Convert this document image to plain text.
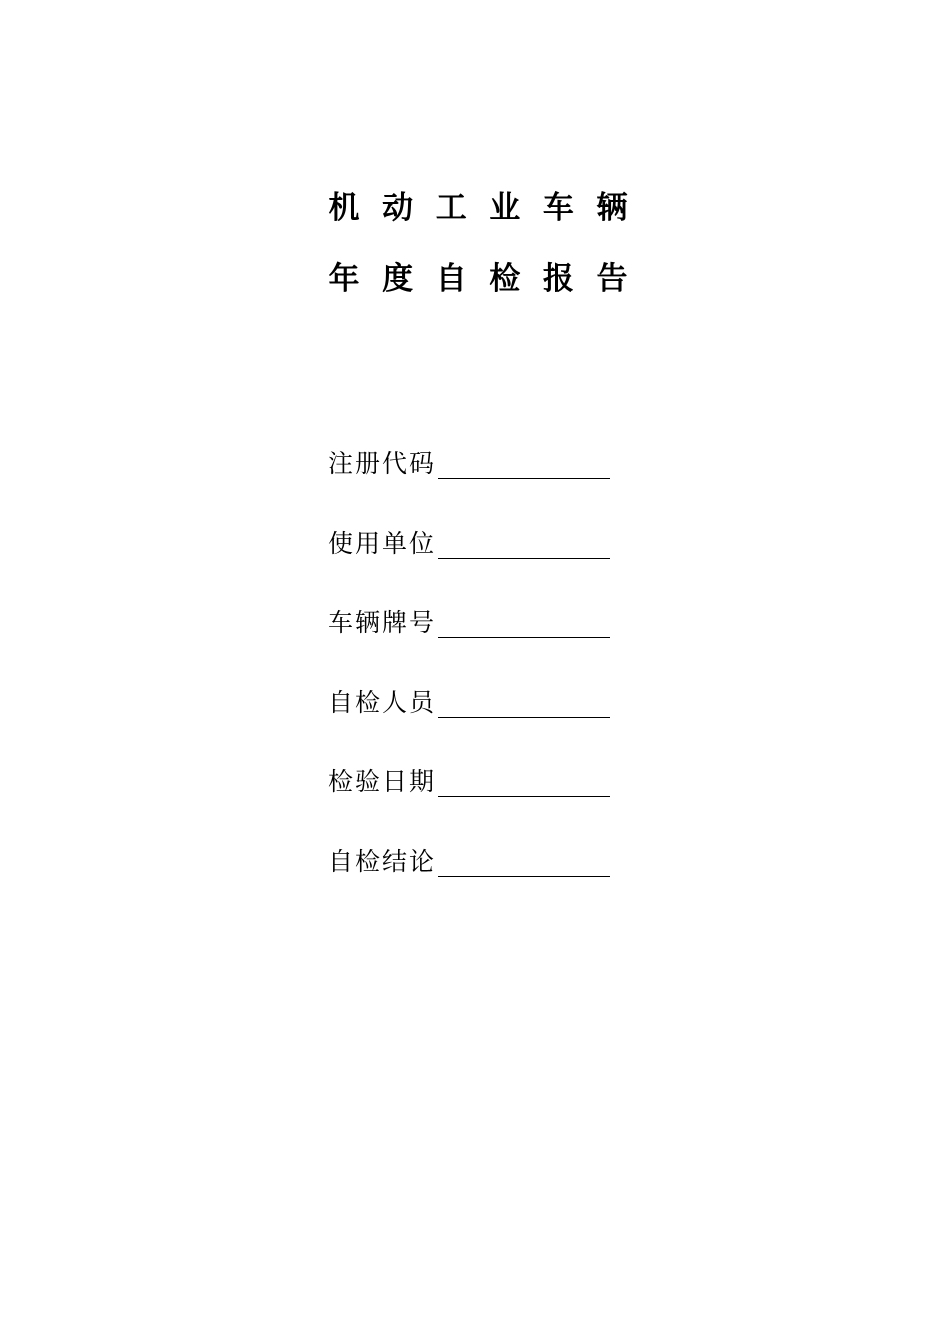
机 动 工 业 车 辆
年 度 自 检 报 告
注册代码
使用单位
车辆牌号
自检人员
检验日期
自检结论
